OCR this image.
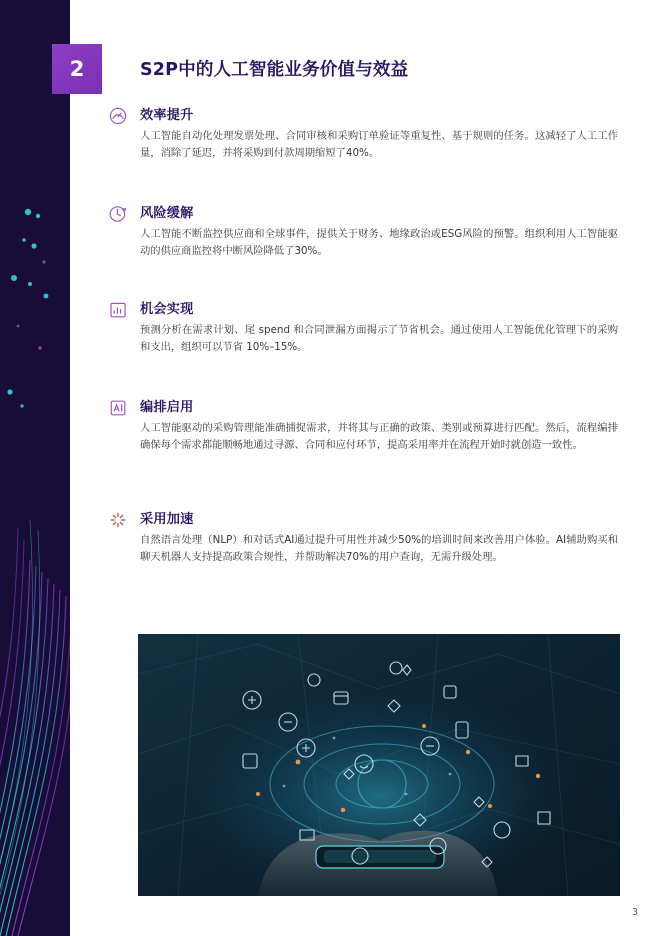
2	S2P中的人工智能业务价值与效益

效率提升

人工智能自动化处理发票处理、合同审核和采购订单验证等重复性、基于规则的任务。这减轻了人工工作量，消除了延迟，并将采购到付款周期缩短了40%。

风险缓解

人工智能不断监控供应商和全球事件，提供关于财务、地缘政治或ESG风险的预警。组织利用人工智能驱动的供应商监控将中断风险降低了30%。

机会实现

预测分析在需求计划、尾 spend 和合同泄漏方面揭示了节省机会。通过使用人工智能优化管理下的采购和支出，组织可以节省 10%–15%。

编排启用

人工智能驱动的采购管理能准确捕捉需求，并将其与正确的政策、类别或预算进行匹配。然后，流程编排确保每个需求都能顺畅地通过寻源、合同和应付环节，提高采用率并在流程开始时就创造一致性。

采用加速

自然语言处理（NLP）和对话式AI通过提升可用性并减少50%的培训时间来改善用户体验。AI辅助购买和聊天机器人支持提高政策合规性，并帮助解决70%的用户查询，无需升级处理。

3
